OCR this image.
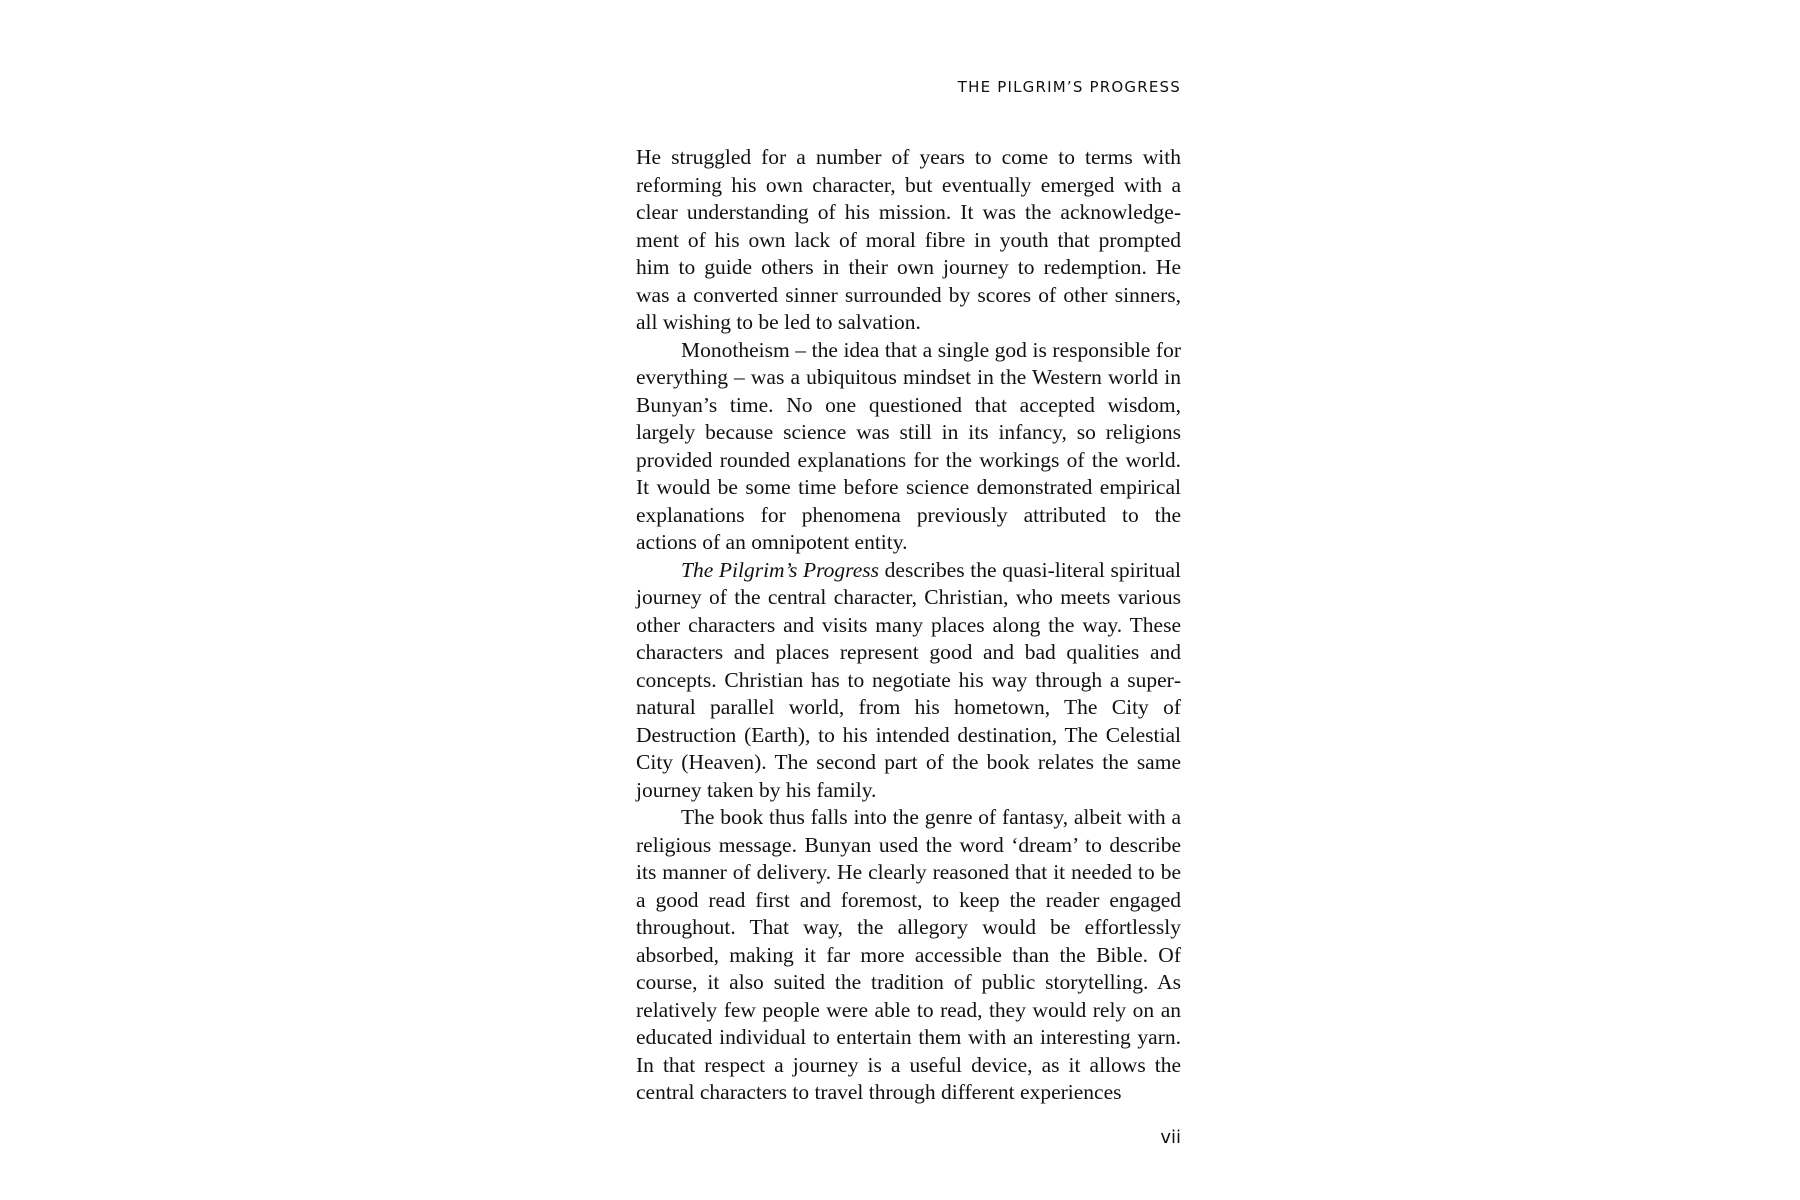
THE PILGRIM’S PROGRESS

He struggled for a number of years to come to terms with reforming his own character, but eventually emerged with a clear understanding of his mission. It was the acknowledgement of his own lack of moral fibre in youth that prompted him to guide others in their own journey to redemption. He was a converted sinner surrounded by scores of other sinners, all wishing to be led to salvation.

Monotheism – the idea that a single god is responsible for everything – was a ubiquitous mindset in the Western world in Bunyan’s time. No one questioned that accepted wisdom, largely because science was still in its infancy, so religions provided rounded explanations for the workings of the world. It would be some time before science demonstrated empirical explanations for phenomena previously attributed to the actions of an omnipotent entity.

The Pilgrim’s Progress describes the quasi-literal spiritual journey of the central character, Christian, who meets various other characters and visits many places along the way. These characters and places represent good and bad qualities and concepts. Christian has to negotiate his way through a supernatural parallel world, from his hometown, The City of Destruction (Earth), to his intended destination, The Celestial City (Heaven). The second part of the book relates the same journey taken by his family.

The book thus falls into the genre of fantasy, albeit with a religious message. Bunyan used the word ‘dream’ to describe its manner of delivery. He clearly reasoned that it needed to be a good read first and foremost, to keep the reader engaged throughout. That way, the allegory would be effortlessly absorbed, making it far more accessible than the Bible. Of course, it also suited the tradition of public storytelling. As relatively few people were able to read, they would rely on an educated individual to entertain them with an interesting yarn. In that respect a journey is a useful device, as it allows the central characters to travel through different experiences

vii
